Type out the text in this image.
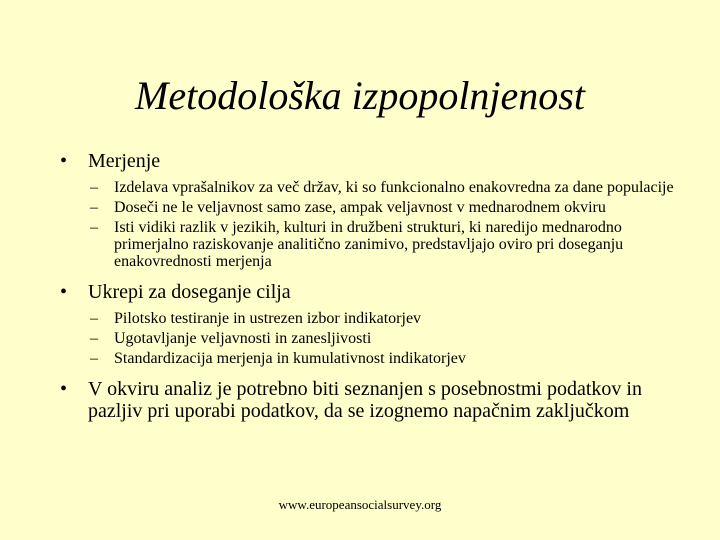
Metodološka izpopolnjenost
• Merjenje
– Izdelava vprašalnikov za več držav, ki so funkcionalno enakovredna za dane populacije
– Doseči ne le veljavnost samo zase, ampak veljavnost v mednarodnem okviru
– Isti vidiki razlik v jezikih, kulturi in družbeni strukturi, ki naredijo mednarodno primerjalno raziskovanje analitično zanimivo, predstavljajo oviro pri doseganju enakovrednosti merjenja
• Ukrepi za doseganje cilja
– Pilotsko testiranje in ustrezen izbor indikatorjev
– Ugotavljanje veljavnosti in zanesljivosti
– Standardizacija merjenja in kumulativnost indikatorjev
• V okviru analiz je potrebno biti seznanjen s posebnostmi podatkov in pazljiv pri uporabi podatkov, da se izognemo napačnim zaključkom
www.europeansocialsurvey.org
